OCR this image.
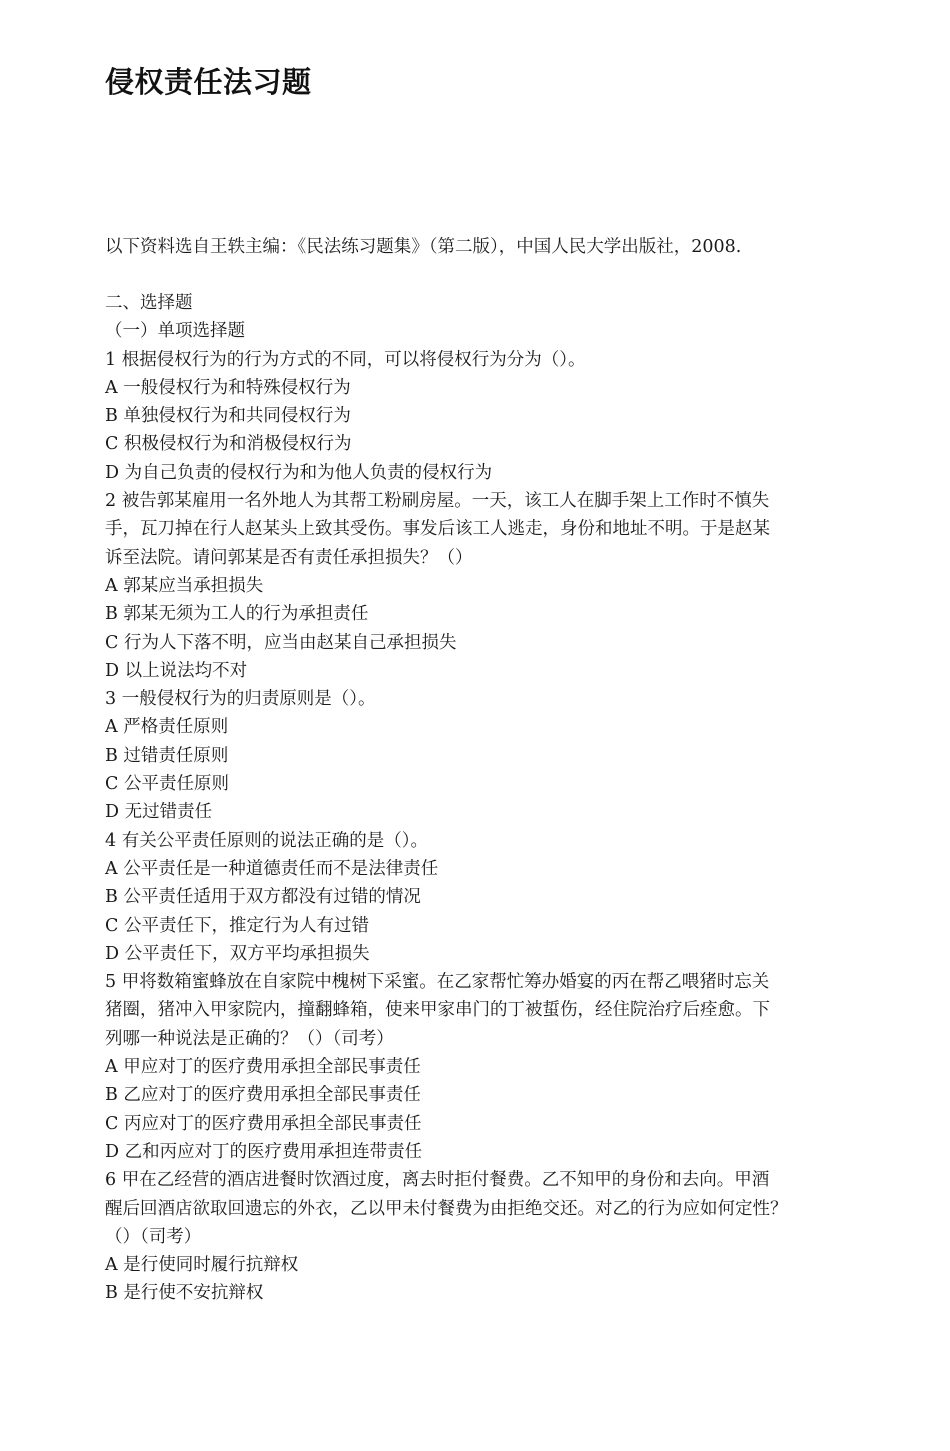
侵权责任法习题

以下资料选自王轶主编：《民法练习题集》（第二版），中国人民大学出版社，2008.

二、选择题
（一）单项选择题
1 根据侵权行为的行为方式的不同，可以将侵权行为分为（）。
A 一般侵权行为和特殊侵权行为
B 单独侵权行为和共同侵权行为
C 积极侵权行为和消极侵权行为
D 为自己负责的侵权行为和为他人负责的侵权行为
2 被告郭某雇用一名外地人为其帮工粉刷房屋。一天，该工人在脚手架上工作时不慎失
手，瓦刀掉在行人赵某头上致其受伤。事发后该工人逃走，身份和地址不明。于是赵某
诉至法院。请问郭某是否有责任承担损失？（）
A 郭某应当承担损失
B 郭某无须为工人的行为承担责任
C 行为人下落不明，应当由赵某自己承担损失
D 以上说法均不对
3 一般侵权行为的归责原则是（）。
A 严格责任原则
B 过错责任原则
C 公平责任原则
D 无过错责任
4 有关公平责任原则的说法正确的是（）。
A 公平责任是一种道德责任而不是法律责任
B 公平责任适用于双方都没有过错的情况
C 公平责任下，推定行为人有过错
D 公平责任下，双方平均承担损失
5 甲将数箱蜜蜂放在自家院中槐树下采蜜。在乙家帮忙筹办婚宴的丙在帮乙喂猪时忘关
猪圈，猪冲入甲家院内，撞翻蜂箱，使来甲家串门的丁被蜇伤，经住院治疗后痊愈。下
列哪一种说法是正确的？（）（司考）
A 甲应对丁的医疗费用承担全部民事责任
B 乙应对丁的医疗费用承担全部民事责任
C 丙应对丁的医疗费用承担全部民事责任
D 乙和丙应对丁的医疗费用承担连带责任
6 甲在乙经营的酒店进餐时饮酒过度，离去时拒付餐费。乙不知甲的身份和去向。甲酒
醒后回酒店欲取回遗忘的外衣，乙以甲未付餐费为由拒绝交还。对乙的行为应如何定性？
（）（司考）
A 是行使同时履行抗辩权
B 是行使不安抗辩权
